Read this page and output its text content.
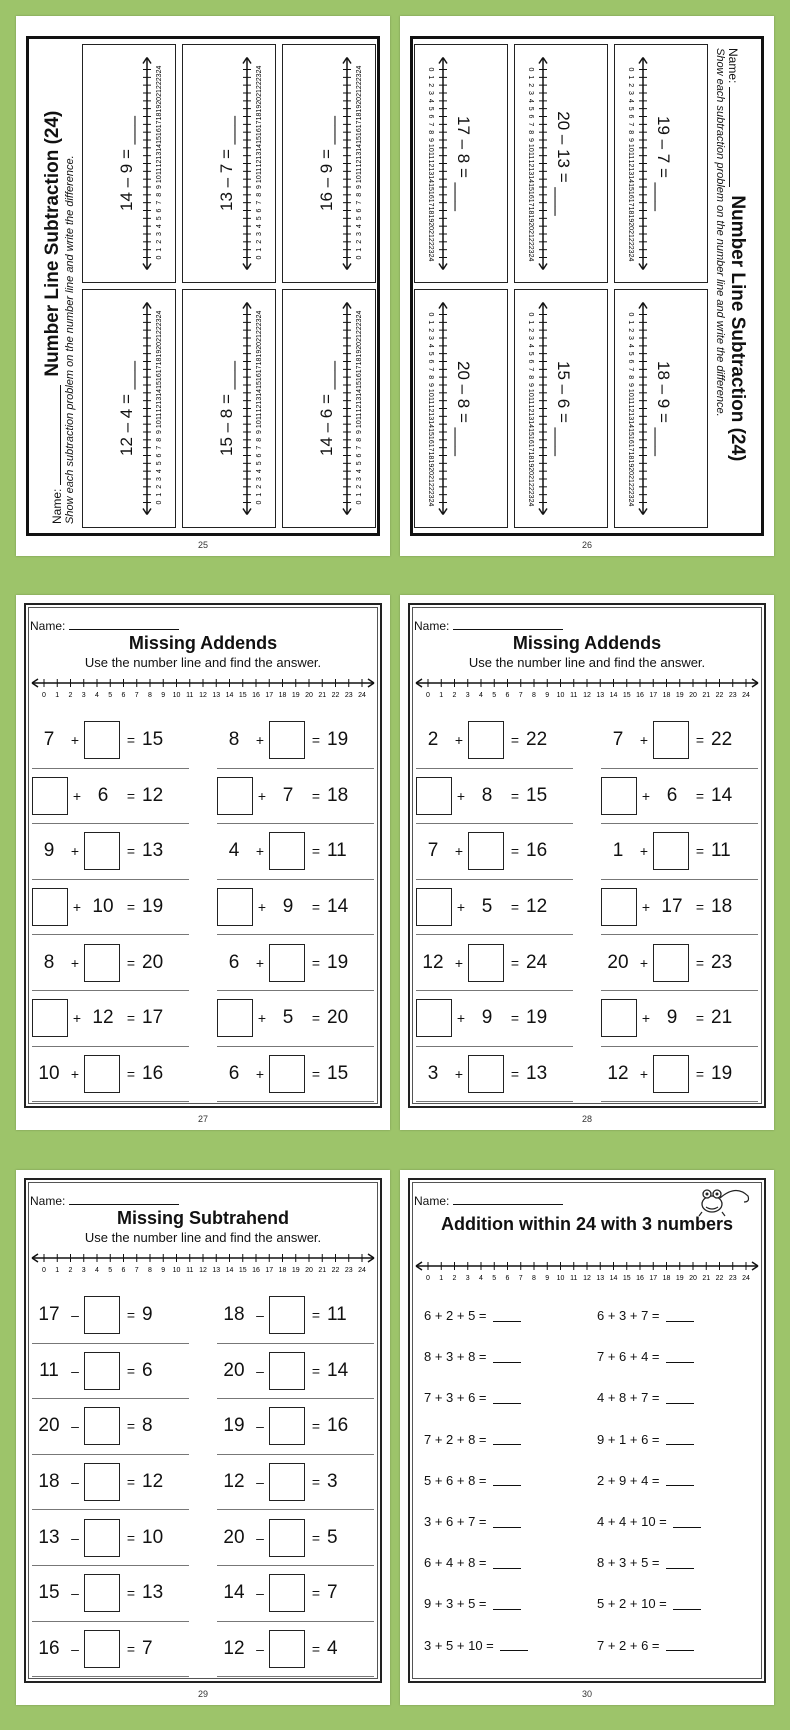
Name:
Number Line Subtraction (24) Show each subtraction problem on the number line and write the difference.	12 – 4 = ___
0
1
2
3
4
5
6
7
8
9
10
11
12
13
14
15
16
17
18
19
20
21
22
23
24
14 – 9 = ___
0
1
2
3
4
5
6
7
8
9
10
11
12
13
14
15
16
17
18
19
20
21
22
23
24
15 – 8 = ___
0
1
2
3
4
5
6
7
8
9
10
11
12
13
14
15
16
17
18
19
20
21
22
23
24
13 – 7 = ___
0
1
2
3
4
5
6
7
8
9
10
11
12
13
14
15
16
17
18
19
20
21
22
23
24
14 – 6 = ___
0
1
2
3
4
5
6
7
8
9
10
11
12
13
14
15
16
17
18
19
20
21
22
23
24
16 – 9 = ___
0
1
2
3
4
5
6
7
8
9
10
11
12
13
14
15
16
17
18
19
20
21
22
23
24
25
Name:
Number Line Subtraction (24)
Show each subtraction problem on the number line and write the difference.
19 – 7 = ___
0
1
2
3
4
5
6
7
8
9
10
11
12
13
14
15
16
17
18
19
20
21
22
23
24
18 – 9 = ___
0
1
2
3
4
5
6
7
8
9
10
11
12
13
14
15
16
17
18
19
20
21
22
23
24
20 – 13 = ___
0
1
2
3
4
5
6
7
8
9
10
11
12
13
14
15
16
17
18
19
20
21
22
23
24
15 – 6 = ___
0
1
2
3
4
5
6
7
8
9
10
11
12
13
14
15
16
17
18
19
20
21
22
23
24
17 – 8 = ___
0
1
2
3
4
5
6
7
8
9
10
11
12
13
14
15
16
17
18
19
20
21
22
23
24
20 – 8 = ___
0
1
2
3
4
5
6
7
8
9
10
11
12
13
14
15
16
17
18
19
20
21
22
23
24
26
Name:
Missing Addends
Use the number line and find the answer.
0 1 2 3 4 5 6 7 8 9 10 11 12 13 14 15 16 17 18 19 20 21 22 23 24
7	+	= 15	8	+	= 19
+ 6	= 12	+ 7	= 18
9	+	= 13	4	+	= 11
+ 10 = 19	+ 9	= 14
8	+	= 20	6	+	= 19
+ 12 = 17	+ 5	= 20
10 +	= 16	6	+	= 15
27
Name:
Missing Addends
Use the number line and find the answer.
0 1 2 3 4 5 6 7 8 9 10 11 12 13 14 15 16 17 18 19 20 21 22 23 24
2	+	= 22	7	+	= 22
+ 8	= 15	+ 6	= 14
7	+	= 16	1	+	= 11
+ 5	= 12	+ 17 = 18
12 +	= 24	20 +	= 23
+ 9	= 19	+ 9	= 21
3	+	= 13	12 +	= 19
28
Name:
Missing Subtrahend
Use the number line and find the answer.
0 1 2 3 4 5 6 7 8 9 10 11 12 13 14 15 16 17 18 19 20 21 22 23 24
17 –	= 9	18 –	= 11
11 –	= 6	20 –	= 14
20 –	= 8	19 –	= 16
18 –	= 12	12 –	= 3
13 –	= 10	20 –	= 5
15 –	= 13	14 –	= 7
16 –	= 7	12 –	= 4
29
Name:
Addition within 24 with 3 numbers
0 1 2 3 4 5 6 7 8 9 10 11 12 13 14 15 16 17 18 19 20 21 22 23 24
6 + 2 + 5 =	6 + 3 + 7 =
8 + 3 + 8 =	7 + 6 + 4 =
7 + 3 + 6 =	4 + 8 + 7 =
7 + 2 + 8 =	9 + 1 + 6 =
5 + 6 + 8 =	2 + 9 + 4 =
3 + 6 + 7 =	4 + 4 + 10 =
6 + 4 + 8 =	8 + 3 + 5 =
9 + 3 + 5 =	5 + 2 + 10 =
3 + 5 + 10 =	7 + 2 + 6 =
30
